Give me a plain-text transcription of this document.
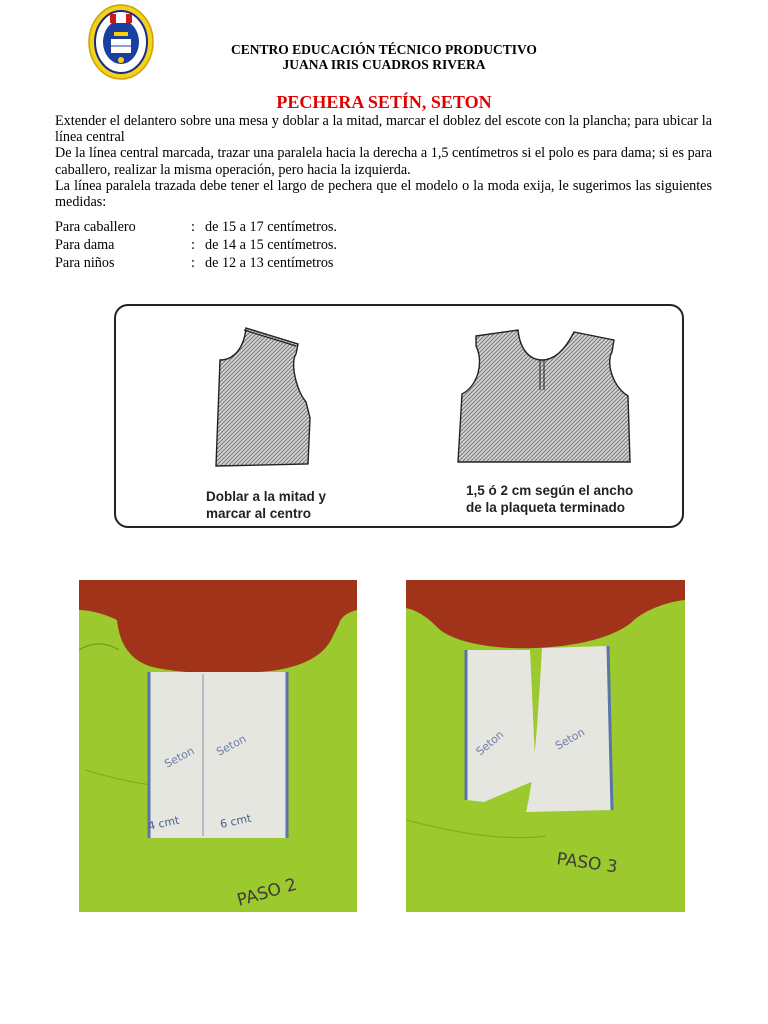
CENTRO EDUCACIÓN TÉCNICO PRODUCTIVO
JUANA IRIS CUADROS RIVERA
PECHERA SETÍN, SETON

Extender el delantero sobre una mesa y doblar a la mitad, marcar el doblez del escote con la plancha; para ubicar la línea central

De la línea central marcada, trazar una paralela hacia la derecha a 1,5 centímetros si el polo es para dama; si es para caballero, realizar la misma operación, pero hacia la izquierda.

La línea paralela trazada debe tener el largo de pechera que el modelo o la moda exija, le sugerimos las siguientes medidas:

Para caballero	: de 15 a 17 centímetros.
Para dama	: de 14 a 15 centímetros.
Para niños	: de 12 a 13 centímetros
Doblar a la mitad y
marcar al centro
1,5 ó 2 cm según el ancho
de la plaqueta terminado
Seton Seton
4 cmt	6 cmt
PASO 2
Seton	Seton
PASO 3
